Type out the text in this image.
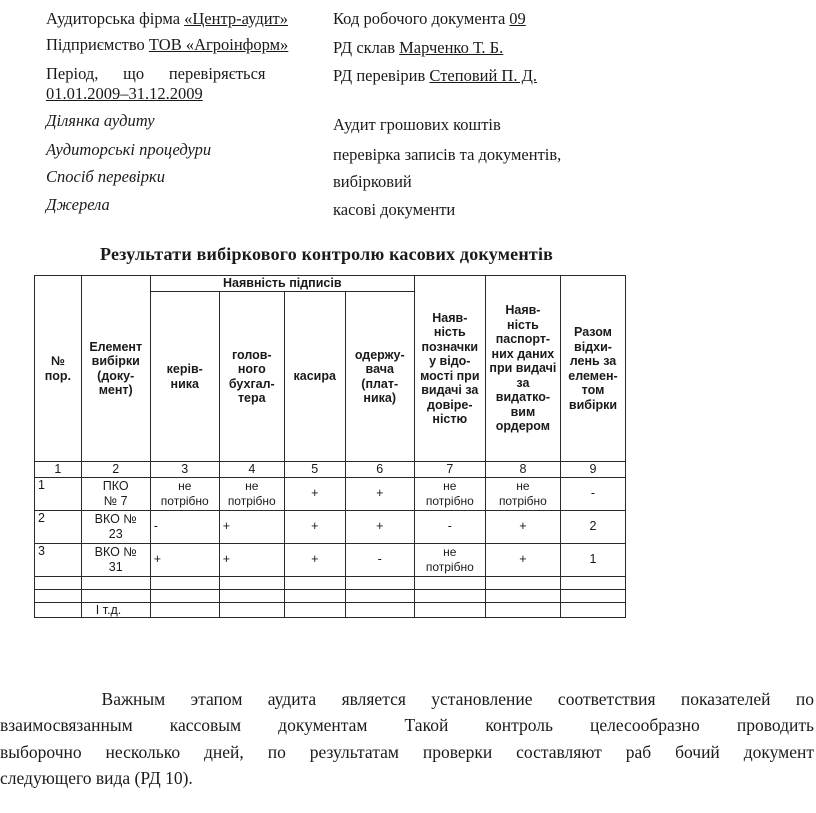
Аудиторська фірма «Центр-аудит»	Код робочого документа 09
Підприємство ТОВ «Агроінформ»	РД склав Марченко Т. Б.
Період,      що      перевіряється
01.01.2009–31.12.2009
РД перевірив Степовий П. Д.
Ділянка аудиту	Аудит грошових коштів
Аудиторські процедури	перевірка записів та документів,
Спосіб перевірки	вибірковий
Джерела	касові документи
Результати вибіркового контролю касових документів
№ пор.	Елемент вибірки (доку- мент)	Наявність підписів				Наяв- ність позначки у відо- мості при видачі за довіре- ністю	Наяв- ність паспорт- них даних при видачі за видатко- вим ордером	Разом відхи- лень за елемен- том вибірки

		керів- ника	голов- ного бухгал- тера	касира	одержу- вача (плат- ника)			

1	2	3	4	5	6	7	8	9
1	ПКО № 7	не потрібно	не потрібно	+	+	не потрібно	не потрібно	-
2	ВКО № 23	-	+	+	+	-	+	2
3	ВКО № 31	+	+	+	-	не потрібно	+	1

	І т.д.							
Важным этапом аудита является установление соответствия показателей по
взаимосвязанным кассовым документам Такой контроль целесообразно проводить
выборочно несколько дней, по результатам проверки составляют раб бочий документ
следующего вида (РД 10).
